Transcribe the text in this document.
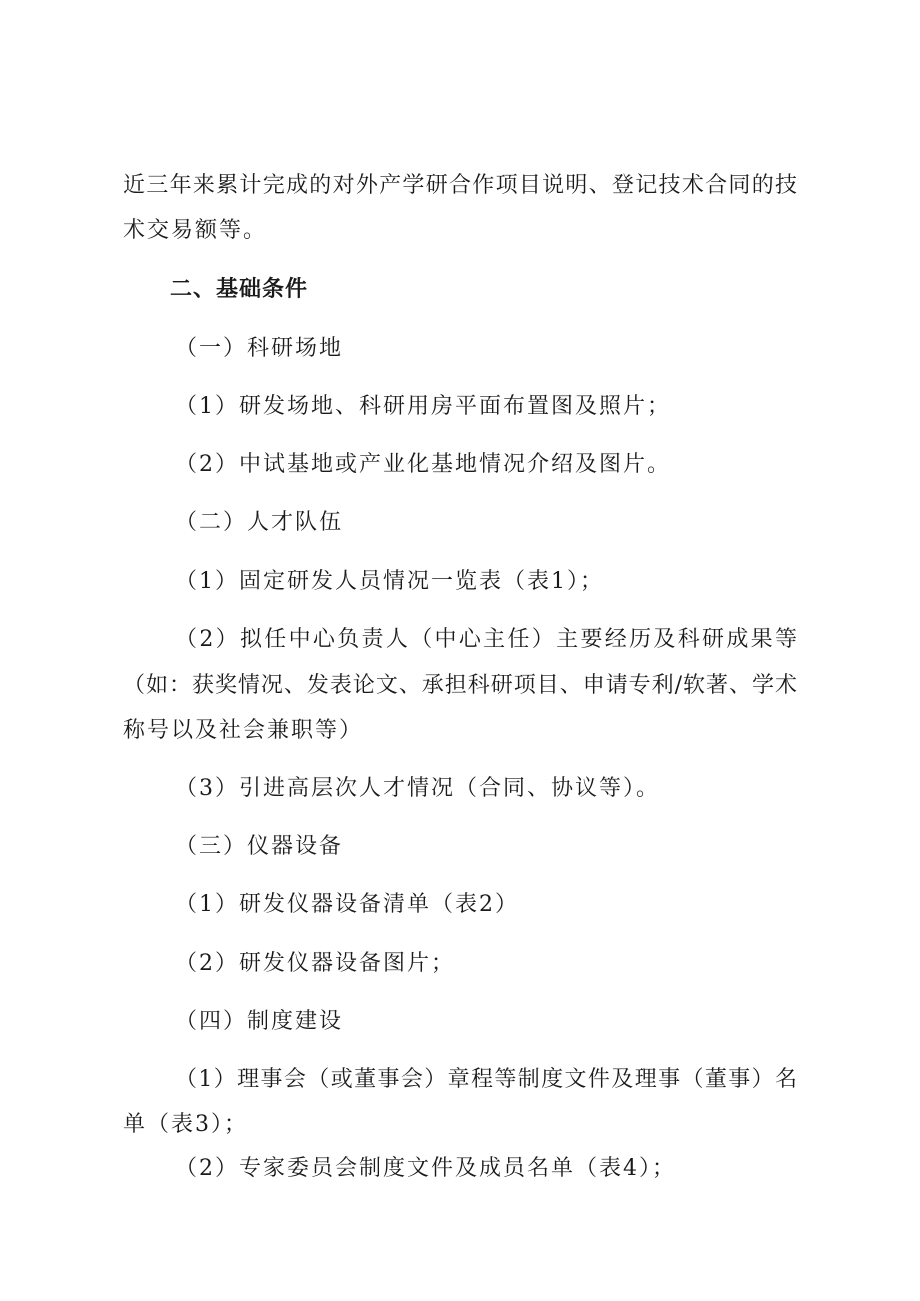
近三年来累计完成的对外产学研合作项目说明、登记技术合同的技
术交易额等。
二、基础条件
（一）科研场地
（1）研发场地、科研用房平面布置图及照片；
（2）中试基地或产业化基地情况介绍及图片。
（二）人才队伍
（1）固定研发人员情况一览表（表1）；
（2）拟任中心负责人（中心主任）主要经历及科研成果等
（如：获奖情况、发表论文、承担科研项目、申请专利/软著、学术
称号以及社会兼职等）
（3）引进高层次人才情况（合同、协议等）。
（三）仪器设备
（1）研发仪器设备清单（表2）
（2）研发仪器设备图片；
（四）制度建设
（1）理事会（或董事会）章程等制度文件及理事（董事）名
单（表3）；
（2）专家委员会制度文件及成员名单（表4）；
